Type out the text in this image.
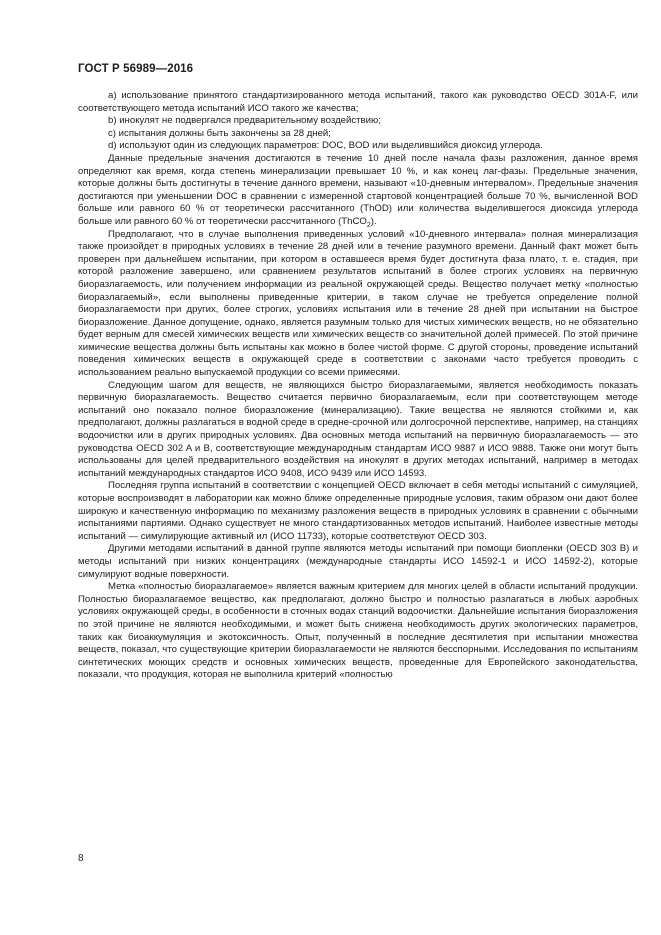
ГОСТ Р 56989—2016

a) использование принятого стандартизированного метода испытаний, такого как руководство OECD 301A-F, или соответствующего метода испытаний ИСО такого же качества;

b) инокулят не подвергался предварительному воздействию;

c) испытания должны быть закончены за 28 дней;

d) используют один из следующих параметров: DOC, BOD или выделившийся диоксид углерода.

Данные предельные значения достигаются в течение 10 дней после начала фазы разложения, данное время определяют как время, когда степень минерализации превышает 10 %, и как конец лаг-фазы. Предельные значения, которые должны быть достигнуты в течение данного времени, называют «10-дневным интервалом». Предельные значения достигаются при уменьшении DOC в сравнении с измеренной стартовой концентрацией больше 70 %, вычисленной BOD больше или равного 60 % от теоретически рассчитанного (ThOD) или количества выделившегося диоксида углерода больше или равного 60 % от теоретически рассчитанного (ThCO$_2$).

Предполагают, что в случае выполнения приведенных условий «10-дневного интервала» полная минерализация также произойдет в природных условиях в течение 28 дней или в течение разумного времени. Данный факт может быть проверен при дальнейшем испытании, при котором в оставшееся время будет достигнута фаза плато, т. е. стадия, при которой разложение завершено, или сравнением результатов испытаний в более строгих условиях на первичную биоразлагаемость, или получением информации из реальной окружающей среды. Вещество получает метку «полностью биоразлагаемый», если выполнены приведенные критерии, в таком случае не требуется определение полной биоразлагаемости при других, более строгих, условиях испытания или в течение 28 дней при испытании на быстрое биоразложение. Данное допущение, однако, является разумным только для чистых химических веществ, но не обязательно будет верным для смесей химических веществ или химических веществ со значительной долей примесей. По этой причине химические вещества должны быть испытаны как можно в более чистой форме. С другой стороны, проведение испытаний поведения химических веществ в окружающей среде в соответствии с законами часто требуется проводить с использованием реально выпускаемой продукции со всеми примесями.

Следующим шагом для веществ, не являющихся быстро биоразлагаемыми, является необходимость показать первичную биоразлагаемость. Вещество считается первично биоразлагаемым, если при соответствующем методе испытаний оно показало полное биоразложение (минерализацию). Такие вещества не являются стойкими и, как предполагают, должны разлагаться в водной среде в средне-срочной или долгосрочной перспективе, например, на станциях водоочистки или в других природных условиях. Два основных метода испытаний на первичную биоразлагаемость — это руководства OECD 302 A и B, соответствующие международным стандартам ИСО 9887 и ИСО 9888. Также они могут быть использованы для целей предварительного воздействия на инокулят в других методах испытаний, например в методах испытаний международных стандартов ИСО 9408, ИСО 9439 или ИСО 14593.

Последняя группа испытаний в соответствии с концепцией OECD включает в себя методы испытаний с симуляцией, которые воспроизводят в лаборатории как можно ближе определенные природные условия, таким образом они дают более широкую и качественную информацию по механизму разложения веществ в природных условиях в сравнении с обычными испытаниями партиями. Однако существует не много стандартизованных методов испытаний. Наиболее известные методы испытаний — симулирующие активный ил (ИСО 11733), которые соответствуют OECD 303.

Другими методами испытаний в данной группе являются методы испытаний при помощи биопленки (OECD 303 B) и методы испытаний при низких концентрациях (международные стандарты ИСО 14592-1 и ИСО 14592-2), которые симулируют водные поверхности.

Метка «полностью биоразлагаемое» является важным критерием для многих целей в области испытаний продукции. Полностью биоразлагаемое вещество, как предполагают, должно быстро и полностью разлагаться в любых аэробных условиях окружающей среды, в особенности в сточных водах станций водоочистки. Дальнейшие испытания биоразложения по этой причине не являются необходимыми, и может быть снижена необходимость других экологических параметров, таких как биоаккумуляция и экотоксичность. Опыт, полученный в последние десятилетия при испытании множества веществ, показал, что существующие критерии биоразлагаемости не являются бесспорными. Исследования по испытаниям синтетических моющих средств и основных химических веществ, проведенные для Европейского законодательства, показали, что продукция, которая не выполнила критерий «полностью

8
